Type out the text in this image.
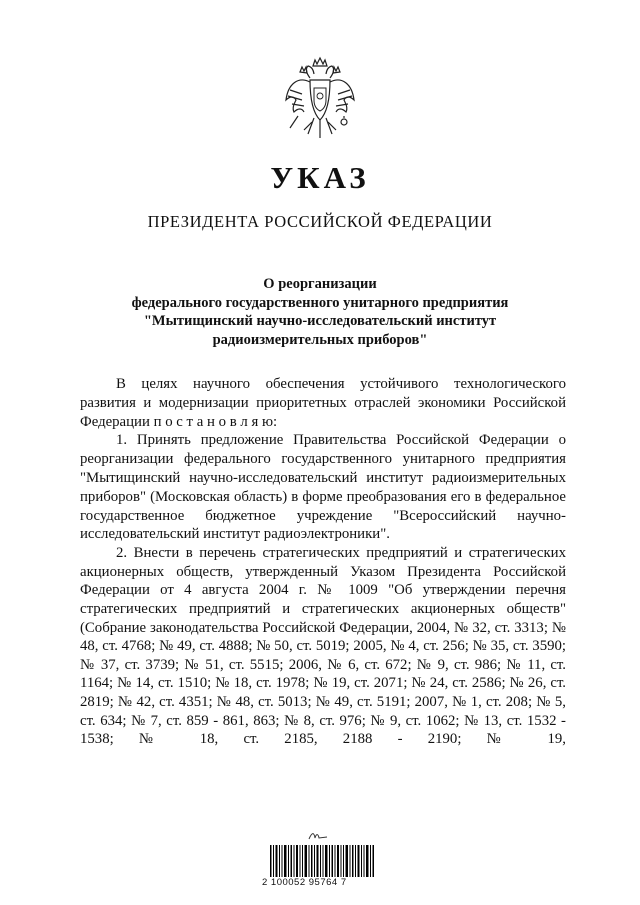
УКАЗ
ПРЕЗИДЕНТА РОССИЙСКОЙ ФЕДЕРАЦИИ
О реорганизации
федерального государственного унитарного предприятия
"Мытищинский научно-исследовательский институт
радиоизмерительных приборов"
В целях научного обеспечения устойчивого технологического развития и модернизации приоритетных отраслей экономики Российской Федерации п о с т а н о в л я ю:
1. Принять предложение Правительства Российской Федерации о реорганизации федерального государственного унитарного предприятия "Мытищинский научно-исследовательский институт радиоизмерительных приборов" (Московская область) в форме преобразования его в федеральное государственное бюджетное учреждение "Всероссийский научно-исследовательский институт радиоэлектроники".
2. Внести в перечень стратегических предприятий и стратегических акционерных обществ, утвержденный Указом Президента Российской Федерации от 4 августа 2004 г. № 1009 "Об утверждении перечня стратегических предприятий и стратегических акционерных обществ" (Собрание законодательства Российской Федерации, 2004, № 32, ст. 3313; № 48, ст. 4768; № 49, ст. 4888; № 50, ст. 5019; 2005, № 4, ст. 256; № 35, ст. 3590; № 37, ст. 3739; № 51, ст. 5515; 2006, № 6, ст. 672; № 9, ст. 986; № 11, ст. 1164; № 14, ст. 1510; № 18, ст. 1978; № 19, ст. 2071; № 24, ст. 2586; № 26, ст. 2819; № 42, ст. 4351; № 48, ст. 5013; № 49, ст. 5191; 2007, № 1, ст. 208; № 5, ст. 634; № 7, ст. 859 - 861, 863; № 8, ст. 976; № 9, ст. 1062; № 13, ст. 1532 - 1538; № 18, ст. 2185, 2188 - 2190; № 19,
2 100052 95764 7
